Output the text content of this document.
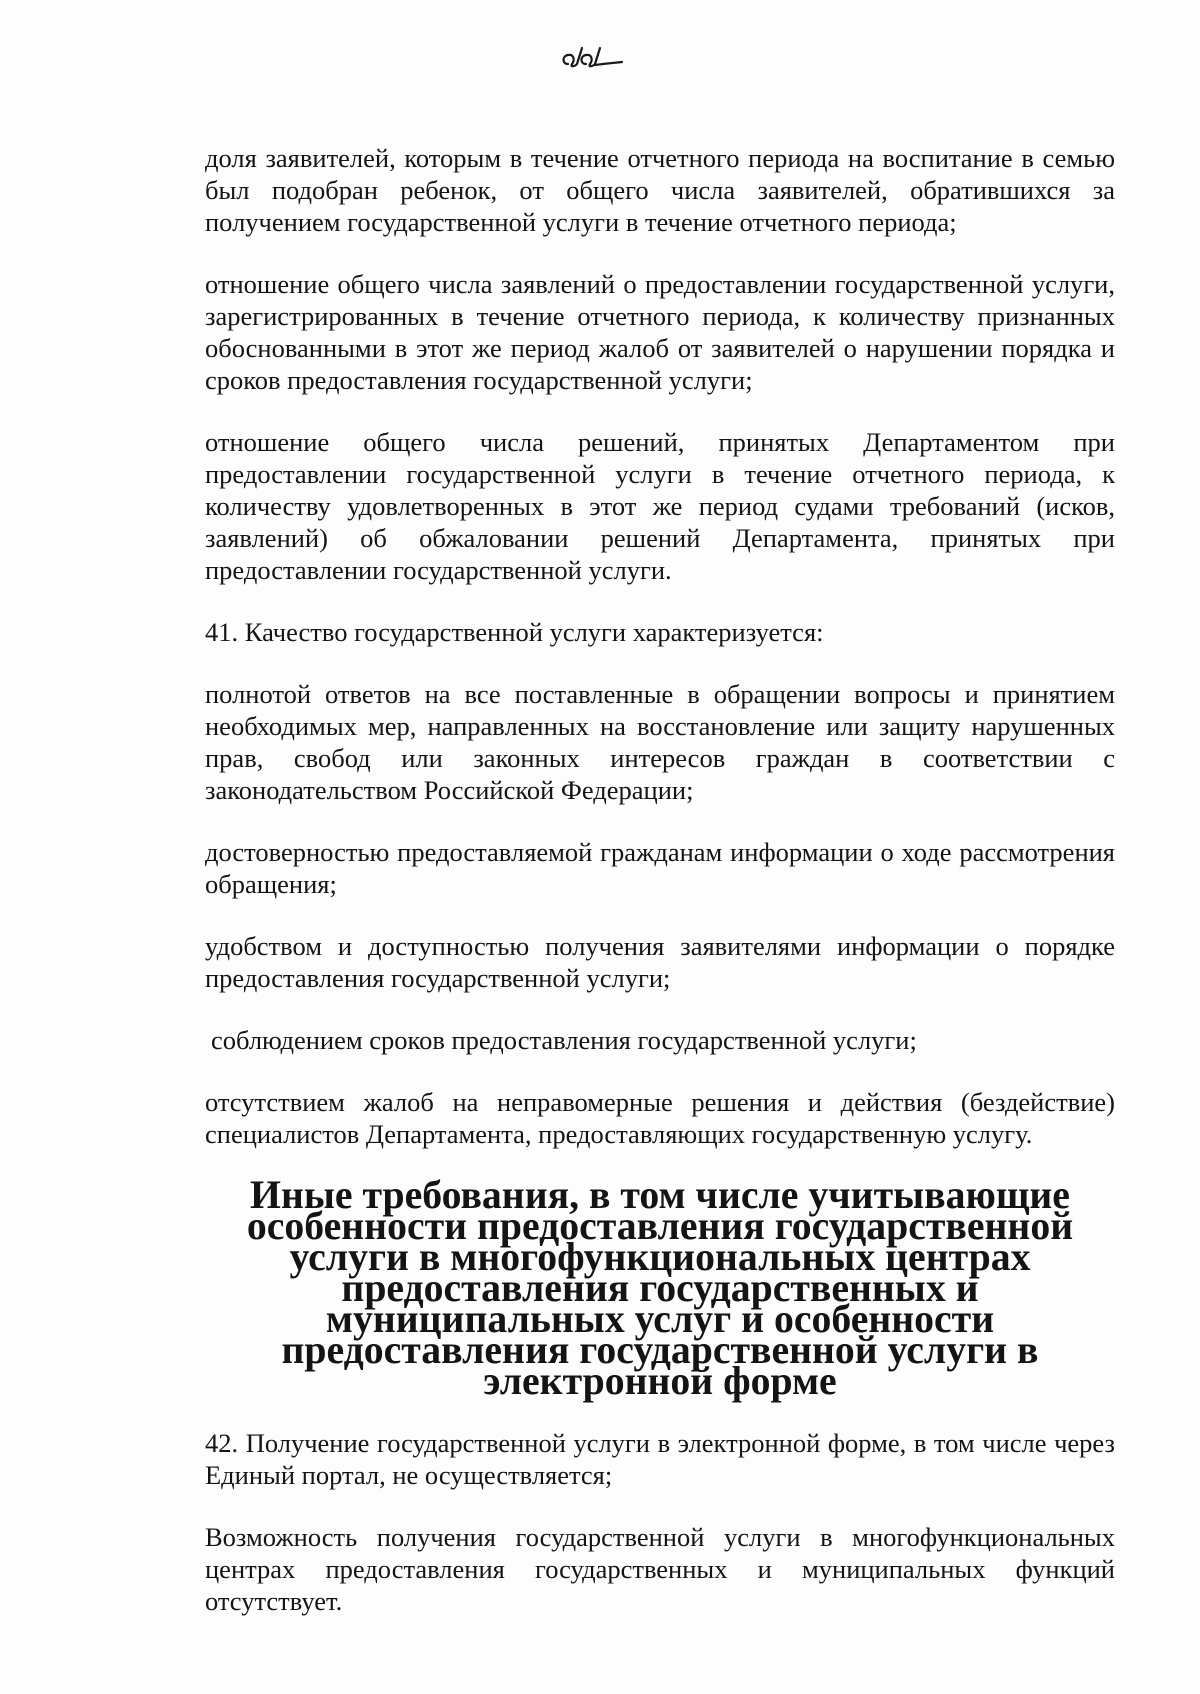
доля заявителей, которым в течение отчетного периода на воспитание в семью был подобран ребенок, от общего числа заявителей, обратившихся за получением государственной услуги в течение отчетного периода;

отношение общего числа заявлений о предоставлении государственной услуги, зарегистрированных в течение отчетного периода, к количеству признанных обоснованными в этот же период жалоб от заявителей о нарушении порядка и сроков предоставления государственной услуги;

отношение общего числа решений, принятых Департаментом при предоставлении государственной услуги в течение отчетного периода, к количеству удовлетворенных в этот же период судами требований (исков, заявлений) об обжаловании решений Департамента, принятых при предоставлении государственной услуги.

41. Качество государственной услуги характеризуется:

полнотой ответов на все поставленные в обращении вопросы и принятием необходимых мер, направленных на восстановление или защиту нарушенных прав, свобод или законных интересов граждан в соответствии с законодательством Российской Федерации;

достоверностью предоставляемой гражданам информации о ходе рассмотрения обращения;

удобством и доступностью получения заявителями информации о порядке предоставления государственной услуги;

соблюдением сроков предоставления государственной услуги;

отсутствием жалоб на неправомерные решения и действия (бездействие) специалистов Департамента, предоставляющих государственную услугу.

Иные требования, в том числе учитывающие особенности предоставления государственной услуги в многофункциональных центрах предоставления государственных и муниципальных услуг и особенности предоставления государственной услуги в электронной форме

42. Получение государственной услуги в электронной форме, в том числе через Единый портал, не осуществляется;

Возможность получения государственной услуги в многофункциональных центрах предоставления государственных и муниципальных функций отсутствует.
